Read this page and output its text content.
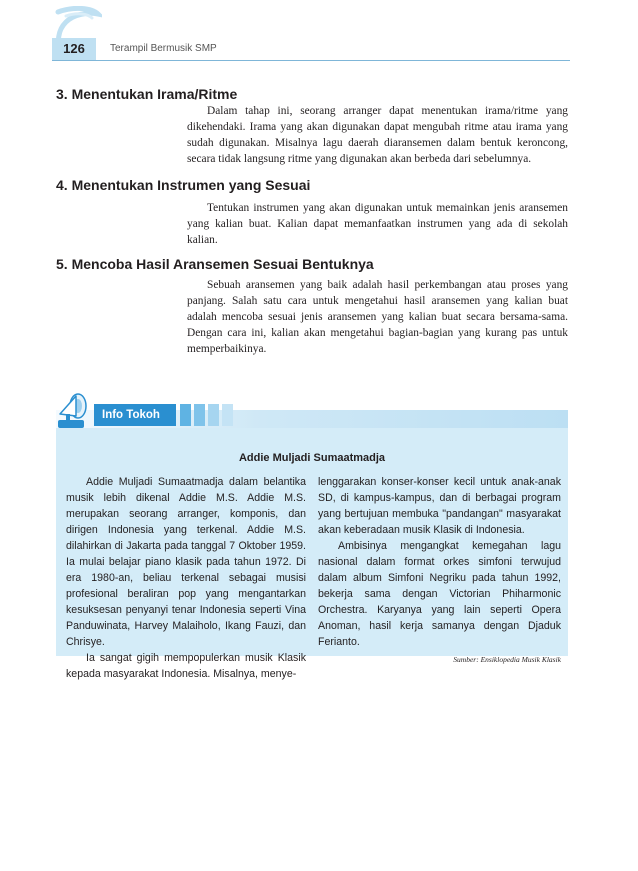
126	Terampil Bermusik SMP
3. Menentukan Irama/Ritme

Dalam tahap ini, seorang arranger dapat menentukan irama/ritme yang dikehendaki. Irama yang akan digunakan dapat mengubah ritme atau irama yang sudah digunakan. Misalnya lagu daerah diaransemen dalam bentuk keroncong, secara tidak langsung ritme yang digunakan akan berbeda dari sebelumnya.

4. Menentukan Instrumen yang Sesuai

Tentukan instrumen yang akan digunakan untuk memainkan jenis aransemen yang kalian buat. Kalian dapat memanfaatkan instrumen yang ada di sekolah kalian.

5. Mencoba Hasil Aransemen Sesuai Bentuknya

Sebuah aransemen yang baik adalah hasil perkembangan atau proses yang panjang. Salah satu cara untuk mengetahui hasil aransemen yang kalian buat adalah mencoba sesuai jenis aransemen yang kalian buat secara bersama-sama. Dengan cara ini, kalian akan mengetahui bagian-bagian yang kurang pas untuk memperbaikinya.

Info Tokoh
Addie Muljadi Sumaatmadja

Addie Muljadi Sumaatmadja dalam belantika musik lebih dikenal Addie M.S. Addie M.S. merupakan seorang arranger, komponis, dan dirigen Indonesia yang terkenal. Addie M.S. dilahirkan di Jakarta pada tanggal 7 Oktober 1959. Ia mulai belajar piano klasik pada tahun 1972. Di era 1980-an, beliau terkenal sebagai musisi profesional beraliran pop yang mengantarkan kesuksesan penyanyi tenar Indonesia seperti Vina Panduwinata, Harvey Malaiholo, Ikang Fauzi, dan Chrisye.

Ia sangat gigih mempopulerkan musik Klasik kepada masyarakat Indonesia. Misalnya, menye-

lenggarakan konser-konser kecil untuk anak-anak SD, di kampus-kampus, dan di berbagai program yang bertujuan membuka "pandangan" masyarakat akan keberadaan musik Klasik di Indonesia.

Ambisinya mengangkat kemegahan lagu nasional dalam format orkes simfoni terwujud dalam album Simfoni Negriku pada tahun 1992, bekerja sama dengan Victorian Phiharmonic Orchestra. Karyanya yang lain seperti Opera Anoman, hasil kerja samanya dengan Djaduk Ferianto.

Sumber: Ensiklopedia Musik Klasik
